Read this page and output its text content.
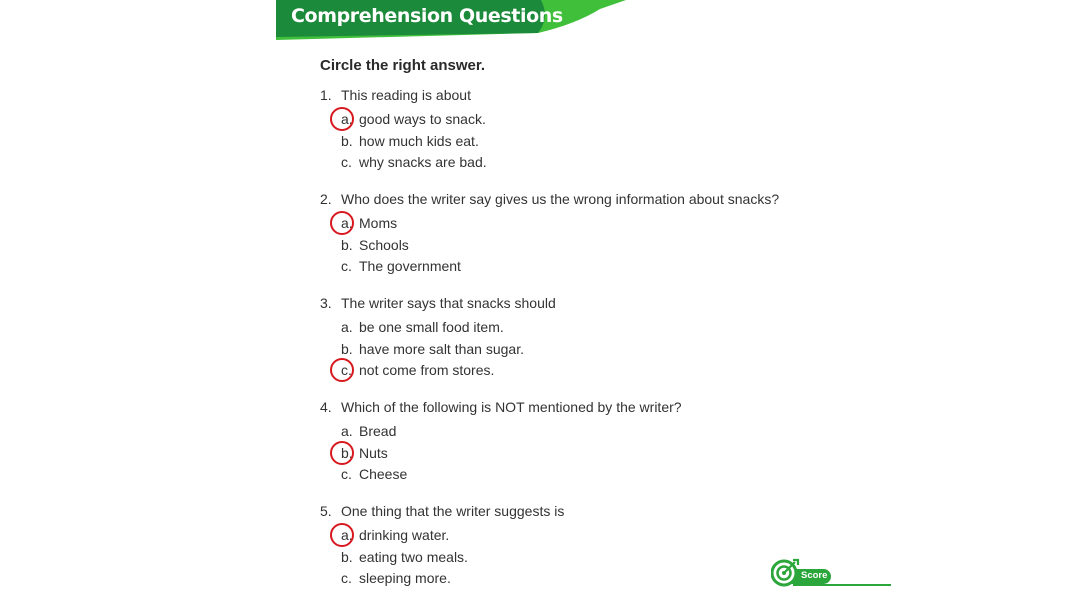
Comprehension Questions
Circle the right answer.
1. This reading is about
a. good ways to snack.
b. how much kids eat.
c. why snacks are bad.
2. Who does the writer say gives us the wrong information about snacks?
a. Moms
b. Schools
c. The government
3. The writer says that snacks should
a. be one small food item.
b. have more salt than sugar.
c. not come from stores.
4. Which of the following is NOT mentioned by the writer?
a. Bread
b. Nuts
c. Cheese
5. One thing that the writer suggests is
a. drinking water.
b. eating two meals.
c. sleeping more.	Score
